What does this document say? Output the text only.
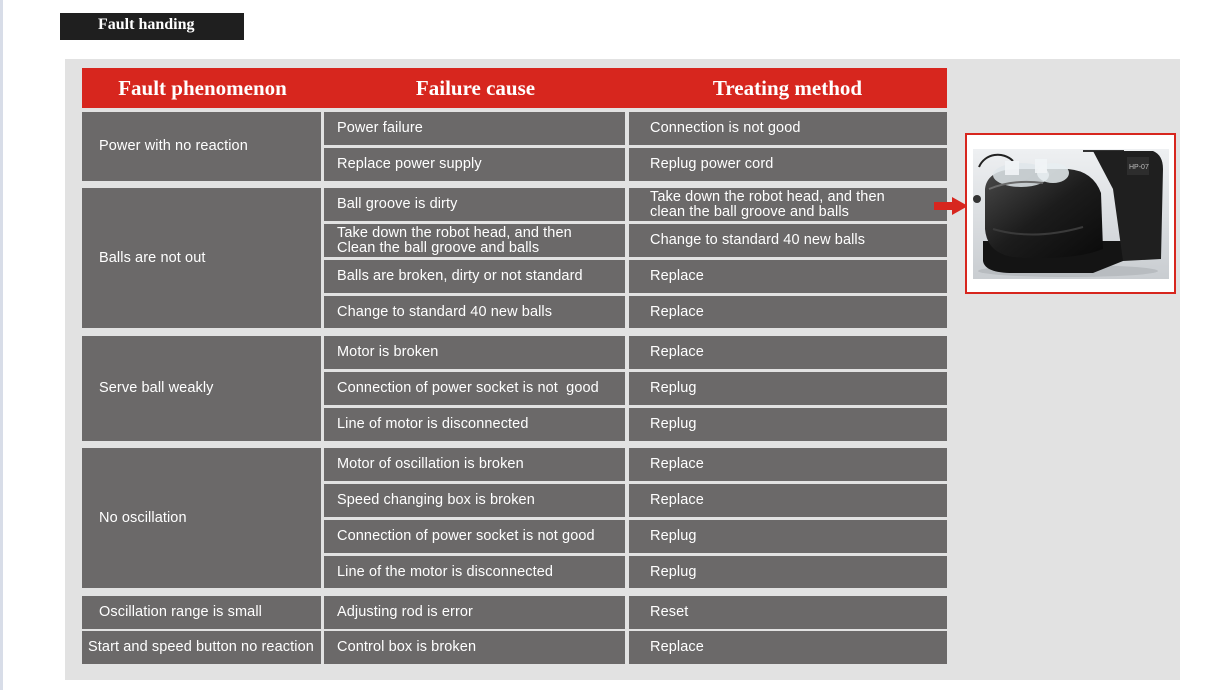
Fault handing
Fault phenomenon	Failure cause	Treating method
Power with no reaction
Power failure	Connection is not good
Replace power supply	Replug power cord
Balls are not out
Ball groove is dirty	Take down the robot head, and then
clean the ball groove and balls
Take down the robot head, and then
Clean the ball groove and balls	Change to standard 40 new balls
Balls are broken, dirty or not standard	Replace
Change to standard 40 new balls	Replace
Serve ball weakly
Motor is broken	Replace
Connection of power socket is not  good	Replug
Line of motor is disconnected	Replug
No oscillation
Motor of oscillation is broken	Replace
Speed changing box is broken	Replace
Connection of power socket is not good	Replug
Line of the motor is disconnected	Replug
Oscillation range is small	Adjusting rod is error	Reset
Start and speed button no reaction	Control box is broken	Replace
HP-07
